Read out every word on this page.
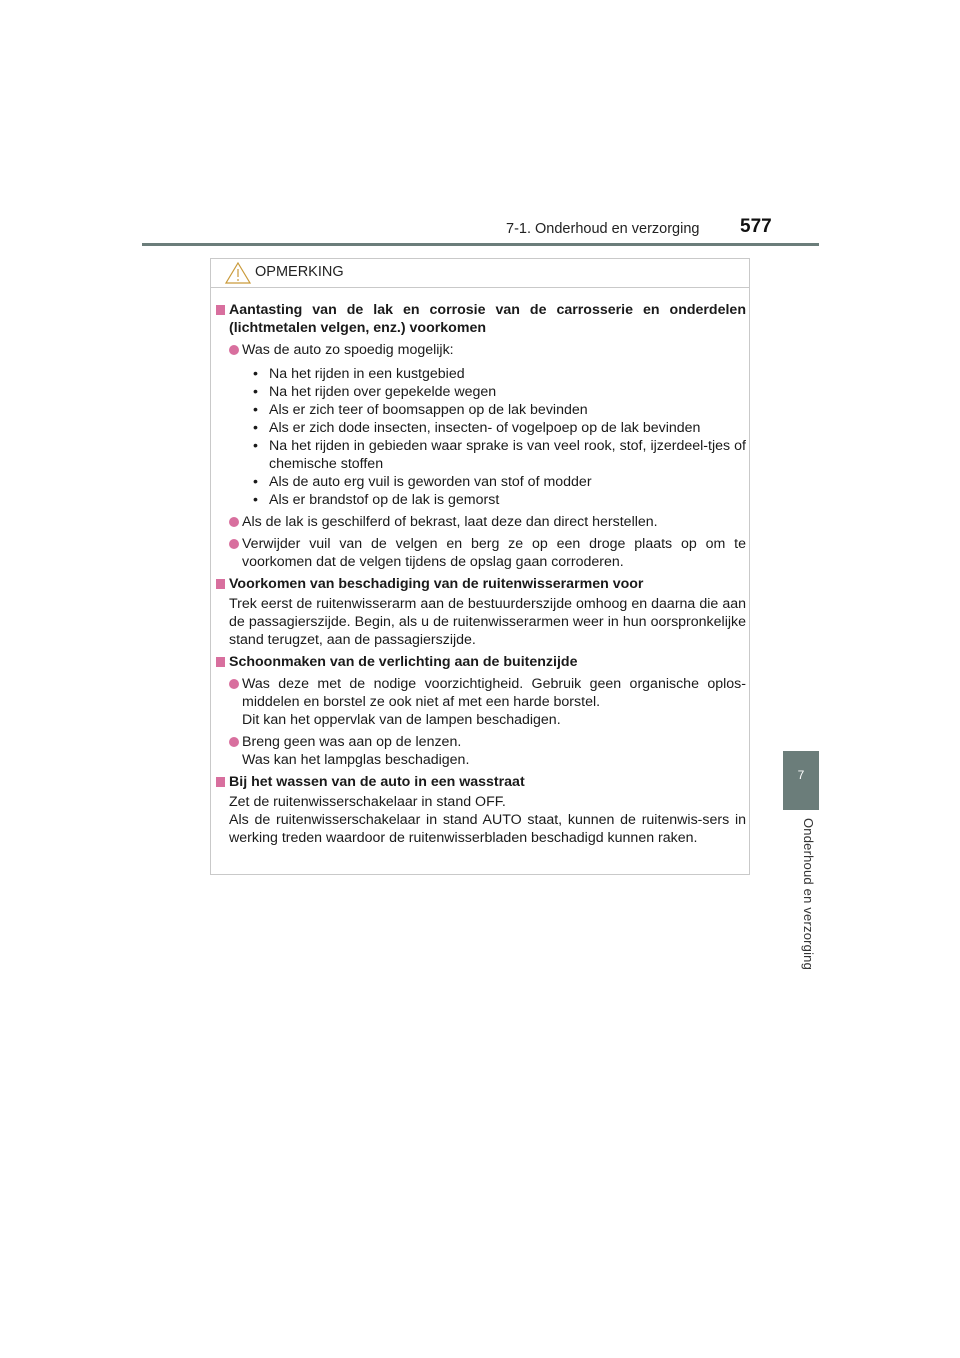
7-1. Onderhoud en verzorging 577
7
Onderhoud en verzorging
OPMERKING
Aantasting van de lak en corrosie van de carrosserie en onderdelen (lichtmetalen velgen, enz.) voorkomen
Was de auto zo spoedig mogelijk:
• Na het rijden in een kustgebied
• Na het rijden over gepekelde wegen
• Als er zich teer of boomsappen op de lak bevinden
• Als er zich dode insecten, insecten- of vogelpoep op de lak bevinden
• Na het rijden in gebieden waar sprake is van veel rook, stof, ijzerdeel-tjes of chemische stoffen
• Als de auto erg vuil is geworden van stof of modder
• Als er brandstof op de lak is gemorst
Als de lak is geschilferd of bekrast, laat deze dan direct herstellen.
Verwijder vuil van de velgen en berg ze op een droge plaats op om te voorkomen dat de velgen tijdens de opslag gaan corroderen.
Voorkomen van beschadiging van de ruitenwisserarmen voor
Trek eerst de ruitenwisserarm aan de bestuurderszijde omhoog en daarna die aan de passagierszijde. Begin, als u de ruitenwisserarmen weer in hun oorspronkelijke stand terugzet, aan de passagierszijde.
Schoonmaken van de verlichting aan de buitenzijde
Was deze met de nodige voorzichtigheid. Gebruik geen organische oplos-middelen en borstel ze ook niet af met een harde borstel.
Dit kan het oppervlak van de lampen beschadigen.
Breng geen was aan op de lenzen.
Was kan het lampglas beschadigen.
Bij het wassen van de auto in een wasstraat
Zet de ruitenwisserschakelaar in stand OFF.
Als de ruitenwisserschakelaar in stand AUTO staat, kunnen de ruitenwis-sers in werking treden waardoor de ruitenwisserbladen beschadigd kunnen raken.
